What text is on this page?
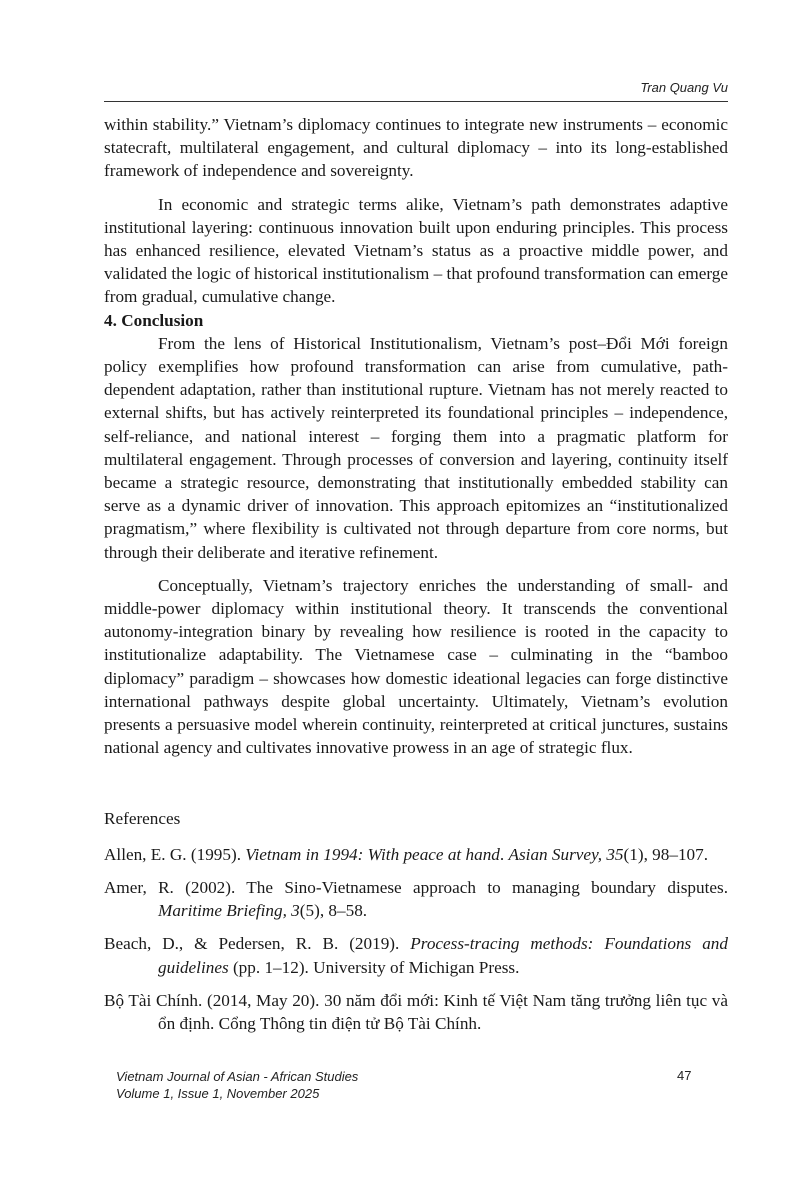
Tran Quang Vu

within stability.” Vietnam’s diplomacy continues to integrate new instruments – economic statecraft, multilateral engagement, and cultural diplomacy – into its long-established framework of independence and sovereignty.

In economic and strategic terms alike, Vietnam’s path demonstrates adaptive institutional layering: continuous innovation built upon enduring principles. This process has enhanced resilience, elevated Vietnam’s status as a proactive middle power, and validated the logic of historical institutionalism – that profound transformation can emerge from gradual, cumulative change.

4. Conclusion

From the lens of Historical Institutionalism, Vietnam’s post–Đổi Mới foreign policy exemplifies how profound transformation can arise from cumulative, path-dependent adaptation, rather than institutional rupture. Vietnam has not merely reacted to external shifts, but has actively reinterpreted its foundational principles – independence, self-reliance, and national interest – forging them into a pragmatic platform for multilateral engagement. Through processes of conversion and layering, continuity itself became a strategic resource, demonstrating that institutionally embedded stability can serve as a dynamic driver of innovation. This approach epitomizes an “institutionalized pragmatism,” where flexibility is cultivated not through departure from core norms, but through their deliberate and iterative refinement.

Conceptually, Vietnam’s trajectory enriches the understanding of small- and middle-power diplomacy within institutional theory. It transcends the conventional autonomy-integration binary by revealing how resilience is rooted in the capacity to institutionalize adaptability. The Vietnamese case – culminating in the “bamboo diplomacy” paradigm – showcases how domestic ideational legacies can forge distinctive international pathways despite global uncertainty. Ultimately, Vietnam’s evolution presents a persuasive model wherein continuity, reinterpreted at critical junctures, sustains national agency and cultivates innovative prowess in an age of strategic flux.

References

Allen, E. G. (1995). Vietnam in 1994: With peace at hand. Asian Survey, 35(1), 98–107.

Amer, R. (2002). The Sino-Vietnamese approach to managing boundary disputes. Maritime Briefing, 3(5), 8–58.

Beach, D., & Pedersen, R. B. (2019). Process-tracing methods: Foundations and guidelines (pp. 1–12). University of Michigan Press.

Bộ Tài Chính. (2014, May 20). 30 năm đổi mới: Kinh tế Việt Nam tăng trưởng liên tục và ổn định. Cổng Thông tin điện tử Bộ Tài Chính.

Vietnam Journal of Asian - African Studies
Volume 1, Issue 1, November 2025
47
